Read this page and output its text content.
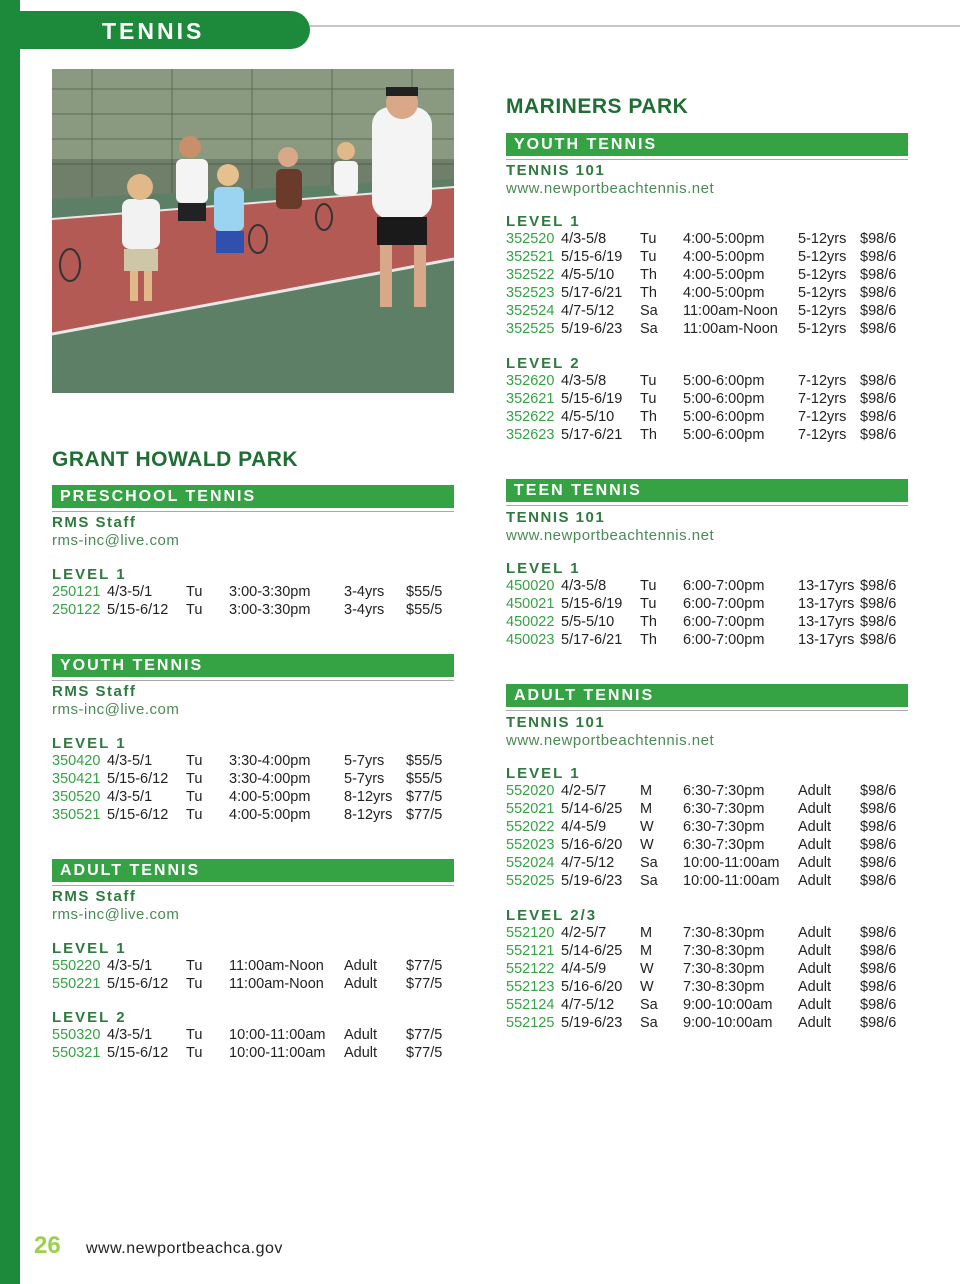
TENNIS
GRANT HOWALD PARK
PRESCHOOL TENNIS
RMS Staff
rms-inc@live.com
LEVEL 1
250121 4/3-5/1 Tu 3:00-3:30pm 3-4yrs $55/5
250122 5/15-6/12 Tu 3:00-3:30pm 3-4yrs $55/5
YOUTH TENNIS
RMS Staff
rms-inc@live.com
LEVEL 1
350420 4/3-5/1 Tu 3:30-4:00pm 5-7yrs $55/5
350421 5/15-6/12 Tu 3:30-4:00pm 5-7yrs $55/5
350520 4/3-5/1 Tu 4:00-5:00pm 8-12yrs $77/5
350521 5/15-6/12 Tu 4:00-5:00pm 8-12yrs $77/5
ADULT TENNIS
RMS Staff
rms-inc@live.com
LEVEL 1
550220 4/3-5/1 Tu 11:00am-Noon Adult $77/5
550221 5/15-6/12 Tu 11:00am-Noon Adult $77/5
LEVEL 2
550320 4/3-5/1 Tu 10:00-11:00am Adult $77/5
550321 5/15-6/12 Tu 10:00-11:00am Adult $77/5
MARINERS PARK
YOUTH TENNIS
TENNIS 101
www.newportbeachtennis.net
LEVEL 1
352520 4/3-5/8 Tu 4:00-5:00pm 5-12yrs $98/6
352521 5/15-6/19 Tu 4:00-5:00pm 5-12yrs $98/6
352522 4/5-5/10 Th 4:00-5:00pm 5-12yrs $98/6
352523 5/17-6/21 Th 4:00-5:00pm 5-12yrs $98/6
352524 4/7-5/12 Sa 11:00am-Noon 5-12yrs $98/6
352525 5/19-6/23 Sa 11:00am-Noon 5-12yrs $98/6
LEVEL 2
352620 4/3-5/8 Tu 5:00-6:00pm 7-12yrs $98/6
352621 5/15-6/19 Tu 5:00-6:00pm 7-12yrs $98/6
352622 4/5-5/10 Th 5:00-6:00pm 7-12yrs $98/6
352623 5/17-6/21 Th 5:00-6:00pm 7-12yrs $98/6
TEEN TENNIS
TENNIS 101
www.newportbeachtennis.net
LEVEL 1
450020 4/3-5/8 Tu 6:00-7:00pm 13-17yrs $98/6
450021 5/15-6/19 Tu 6:00-7:00pm 13-17yrs $98/6
450022 5/5-5/10 Th 6:00-7:00pm 13-17yrs $98/6
450023 5/17-6/21 Th 6:00-7:00pm 13-17yrs $98/6
ADULT TENNIS
TENNIS 101
www.newportbeachtennis.net
LEVEL 1
552020 4/2-5/7 M 6:30-7:30pm Adult $98/6
552021 5/14-6/25 M 6:30-7:30pm Adult $98/6
552022 4/4-5/9 W 6:30-7:30pm Adult $98/6
552023 5/16-6/20 W 6:30-7:30pm Adult $98/6
552024 4/7-5/12 Sa 10:00-11:00am Adult $98/6
552025 5/19-6/23 Sa 10:00-11:00am Adult $98/6
LEVEL 2/3
552120 4/2-5/7 M 7:30-8:30pm Adult $98/6
552121 5/14-6/25 M 7:30-8:30pm Adult $98/6
552122 4/4-5/9 W 7:30-8:30pm Adult $98/6
552123 5/16-6/20 W 7:30-8:30pm Adult $98/6
552124 4/7-5/12 Sa 9:00-10:00am Adult $98/6
552125 5/19-6/23 Sa 9:00-10:00am Adult $98/6
26 www.newportbeachca.gov
